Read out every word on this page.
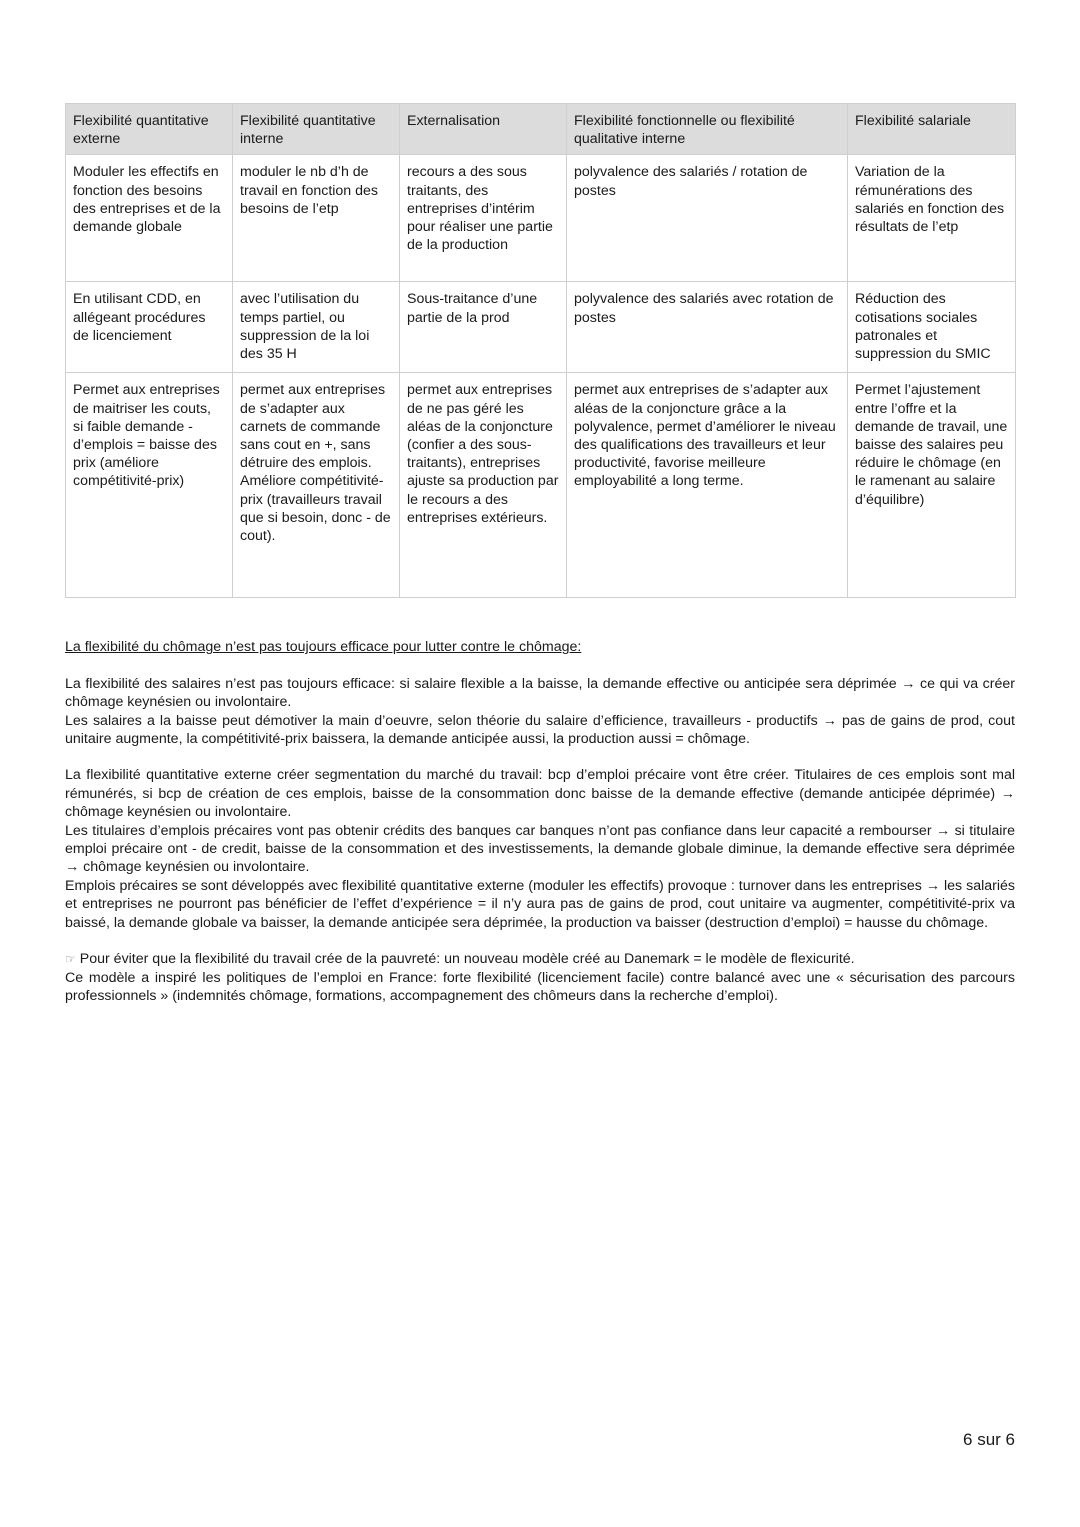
Flexibilité quantitative externe	Flexibilité quantitative interne	Externalisation	Flexibilité fonctionnelle ou flexibilité qualitative interne	Flexibilité salariale
Moduler les effectifs en fonction des besoins des entreprises et de la demande globale	moduler le nb d’h de travail en fonction des besoins de l’etp	recours a des sous traitants, des entreprises d’intérim pour réaliser une partie de la production	polyvalence des salariés / rotation de postes	Variation de la rémunérations des salariés en fonction des résultats de l’etp
En utilisant CDD, en allégeant procédures de licenciement	avec l’utilisation du temps partiel, ou suppression de la loi des 35 H	Sous-traitance d’une partie de la prod	polyvalence des salariés avec rotation de postes	Réduction des cotisations sociales patronales et suppression du SMIC
Permet aux entreprises de maitriser les couts, si faible demande - d’emplois = baisse des prix (améliore compétitivité-prix)	permet aux entreprises de s’adapter aux carnets de commande sans cout en +, sans détruire des emplois. Améliore compétitivité-prix (travailleurs travail que si besoin, donc - de cout).	permet aux entreprises de ne pas géré les aléas de la conjoncture (confier a des sous-traitants), entreprises ajuste sa production par le recours a des entreprises extérieurs.	permet aux entreprises de s’adapter aux aléas de la conjoncture grâce a la polyvalence, permet d’améliorer le niveau des qualifications des travailleurs et leur productivité, favorise meilleure employabilité a long terme.	Permet l’ajustement entre l’offre et la demande de travail, une baisse des salaires peu réduire le chômage (en le ramenant au salaire d’équilibre)
La flexibilité du chômage n’est pas toujours efficace pour lutter contre le chômage:

La flexibilité des salaires n’est pas toujours efficace: si salaire flexible a la baisse, la demande effective ou anticipée sera déprimée → ce qui va créer chômage keynésien ou involontaire.

Les salaires a la baisse peut démotiver la main d’oeuvre, selon théorie du salaire d’efficience, travailleurs - productifs → pas de gains de prod, cout unitaire augmente, la compétitivité-prix baissera, la demande anticipée aussi, la production aussi = chômage.

La flexibilité quantitative externe créer segmentation du marché du travail: bcp d’emploi précaire vont être créer. Titulaires de ces emplois sont mal rémunérés, si bcp de création de ces emplois, baisse de la consommation donc baisse de la demande effective (demande anticipée déprimée) → chômage keynésien ou involontaire.

Les titulaires d’emplois précaires vont pas obtenir crédits des banques car banques n’ont pas confiance dans leur capacité a rembourser → si titulaire emploi précaire ont - de credit, baisse de la consommation et des investissements, la demande globale diminue, la demande effective sera déprimée → chômage keynésien ou involontaire.

Emplois précaires se sont développés avec flexibilité quantitative externe (moduler les effectifs) provoque : turnover dans les entreprises → les salariés et entreprises ne pourront pas bénéficier de l’effet d’expérience = il n’y aura pas de gains de prod, cout unitaire va augmenter, compétitivité-prix va baissé, la demande globale va baisser, la demande anticipée sera déprimée, la production va baisser (destruction d’emploi) = hausse du chômage.

☞ Pour éviter que la flexibilité du travail crée de la pauvreté: un nouveau modèle créé au Danemark = le modèle de flexicurité.

Ce modèle a inspiré les politiques de l’emploi en France: forte flexibilité (licenciement facile) contre balancé avec une « sécurisation des parcours professionnels » (indemnités chômage, formations, accompagnement des chômeurs dans la recherche d’emploi).

6 sur 6
